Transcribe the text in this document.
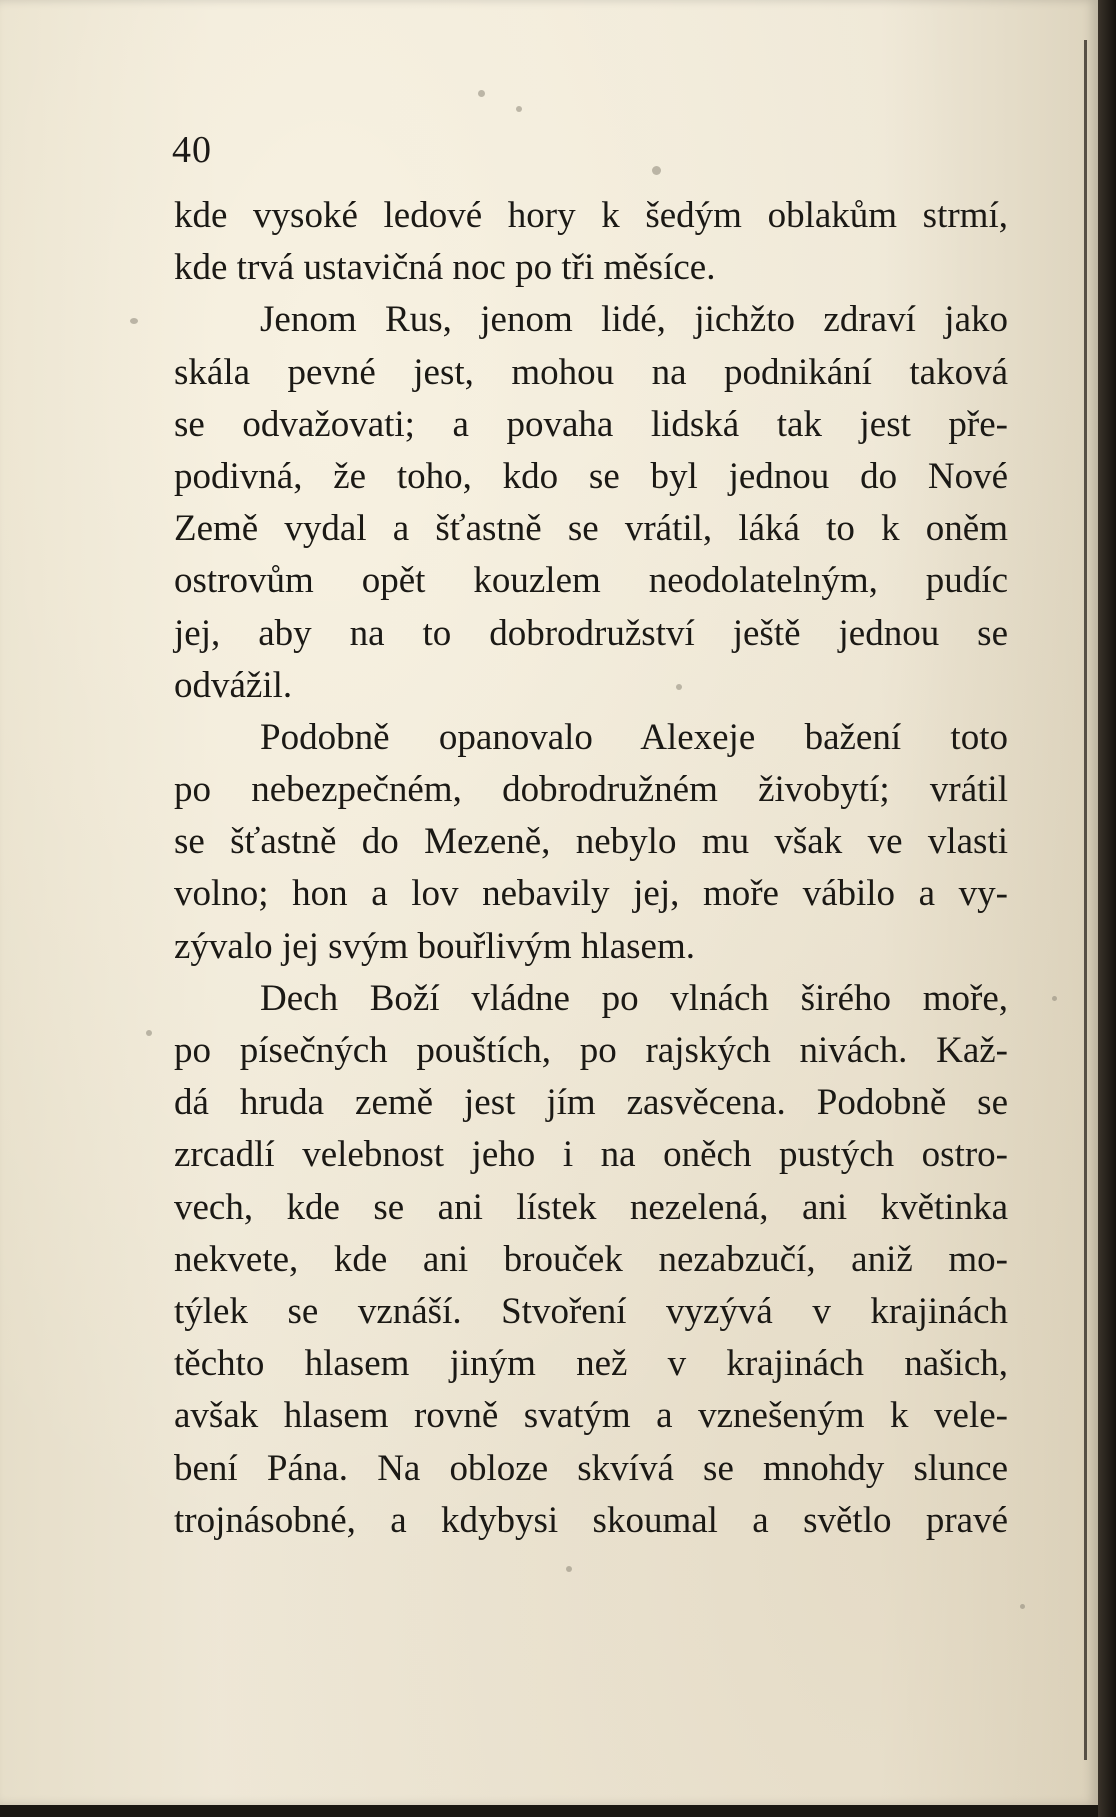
40
kde vysoké ledové hory k šedým oblakům strmí,
kde trvá ustavičná noc po tři měsíce.
Jenom Rus, jenom lidé, jichžto zdraví jako
skála pevné jest, mohou na podnikání taková
se odvažovati; a povaha lidská tak jest pře-
podivná, že toho, kdo se byl jednou do Nové
Země vydal a šťastně se vrátil, láká to k oněm
ostrovům opět kouzlem neodolatelným, pudíc
jej, aby na to dobrodružství ještě jednou se
odvážil.
Podobně opanovalo Alexeje bažení toto
po nebezpečném, dobrodružném živobytí; vrátil
se šťastně do Mezeně, nebylo mu však ve vlasti
volno; hon a lov nebavily jej, moře vábilo a vy-
zývalo jej svým bouřlivým hlasem.
Dech Boží vládne po vlnách širého moře,
po písečných pouštích, po rajských nivách. Kaž-
dá hruda země jest jím zasvěcena. Podobně se
zrcadlí velebnost jeho i na oněch pustých ostro-
vech, kde se ani lístek nezelená, ani květinka
nekvete, kde ani brouček nezabzučí, aniž mo-
týlek se vznáší. Stvoření vyzývá v krajinách
těchto hlasem jiným než v krajinách našich,
avšak hlasem rovně svatým a vznešeným k vele-
bení Pána. Na obloze skvívá se mnohdy slunce
trojnásobné, a kdybysi skoumal a světlo pravé
